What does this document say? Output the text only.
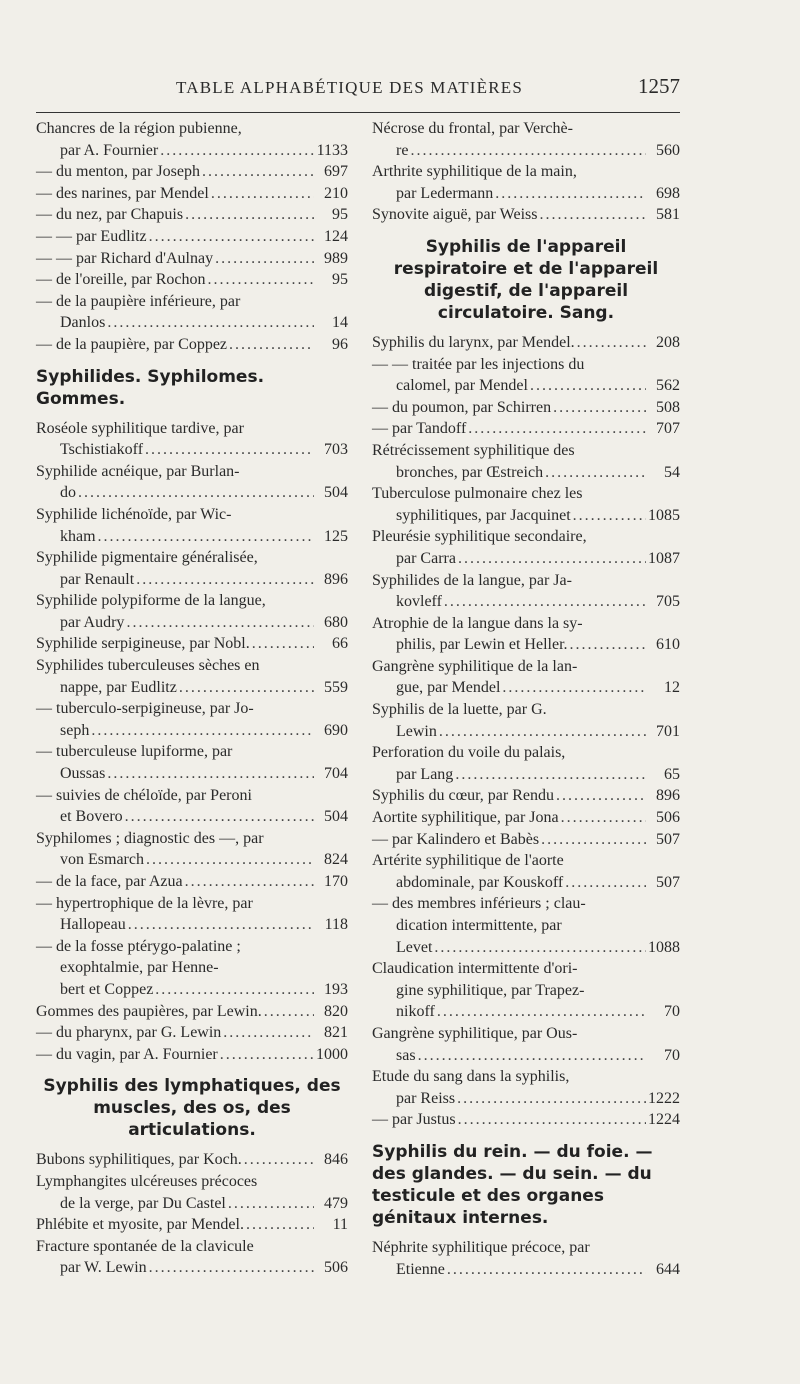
TABLE ALPHABÉTIQUE DES MATIÈRES	1257
Chancres de la région pubienne,
par A. Fournier .....	1133
— du menton, par Joseph .....	697
— des narines, par Mendel .....	210
— du nez, par Chapuis .....	95
— — par Eudlitz .....	124
— — par Richard d'Aulnay .....	989
— de l'oreille, par Rochon .....	95
— de la paupière inférieure, par
Danlos .....	14
— de la paupière, par Coppez .....	96
Syphilides. Syphilomes. Gommes.
Roséole syphilitique tardive, par
Tschistiakoff .....	703
Syphilide acnéique, par Burlan-
do .....	504
Syphilide lichénoïde, par Wic-
kham .....	125
Syphilide pigmentaire généralisée,
par Renault .....	896
Syphilide polypiforme de la langue,
par Audry .....	680
Syphilide serpigineuse, par Nobl. .....	66
Syphilides tuberculeuses sèches en
nappe, par Eudlitz .....	559
— tuberculo-serpigineuse, par Jo-
seph .....	690
— tuberculeuse lupiforme, par
Oussas .....	704
— suivies de chéloïde, par Peroni
et Bovero .....	504
Syphilomes ; diagnostic des —, par
von Esmarch .....	824
— de la face, par Azua .....	170
— hypertrophique de la lèvre, par
Hallopeau .....	118
— de la fosse ptérygo-palatine ;
exophtalmie, par Henne-
bert et Coppez .....	193
Gommes des paupières, par Lewin. .....	820
— du pharynx, par G. Lewin .....	821
— du vagin, par A. Fournier .....	1000
Syphilis des lymphatiques, des muscles, des os, des articulations.
Bubons syphilitiques, par Koch. .....	846
Lymphangites ulcéreuses précoces
de la verge, par Du Castel .....	479
Phlébite et myosite, par Mendel. .....	11
Fracture spontanée de la clavicule
par W. Lewin .....	506
Nécrose du frontal, par Verchè-
re .....	560
Arthrite syphilitique de la main,
par Ledermann .....	698
Synovite aiguë, par Weiss .....	581
Syphilis de l'appareil respiratoire et de l'appareil digestif, de l'appareil circulatoire. Sang.
Syphilis du larynx, par Mendel. .....	208
— — traitée par les injections du
calomel, par Mendel .....	562
— du poumon, par Schirren .....	508
— par Tandoff .....	707
Rétrécissement syphilitique des
bronches, par Œstreich .....	54
Tuberculose pulmonaire chez les
syphilitiques, par Jacquinet .....	1085
Pleurésie syphilitique secondaire,
par Carra .....	1087
Syphilides de la langue, par Ja-
kovleff .....	705
Atrophie de la langue dans la sy-
philis, par Lewin et Heller. .....	610
Gangrène syphilitique de la lan-
gue, par Mendel .....	12
Syphilis de la luette, par G.
Lewin .....	701
Perforation du voile du palais,
par Lang .....	65
Syphilis du cœur, par Rendu .....	896
Aortite syphilitique, par Jona .....	506
— par Kalindero et Babès .....	507
Artérite syphilitique de l'aorte
abdominale, par Kouskoff .....	507
— des membres inférieurs ; clau-
dication intermittente, par
Levet .....	1088
Claudication intermittente d'ori-
gine syphilitique, par Trapez-
nikoff .....	70
Gangrène syphilitique, par Ous-
sas .....	70
Etude du sang dans la syphilis,
par Reiss .....	1222
— par Justus .....	1224
Syphilis du rein. — du foie. — des glandes. — du sein. — du testicule et des organes génitaux internes.
Néphrite syphilitique précoce, par
Etienne .....	644
